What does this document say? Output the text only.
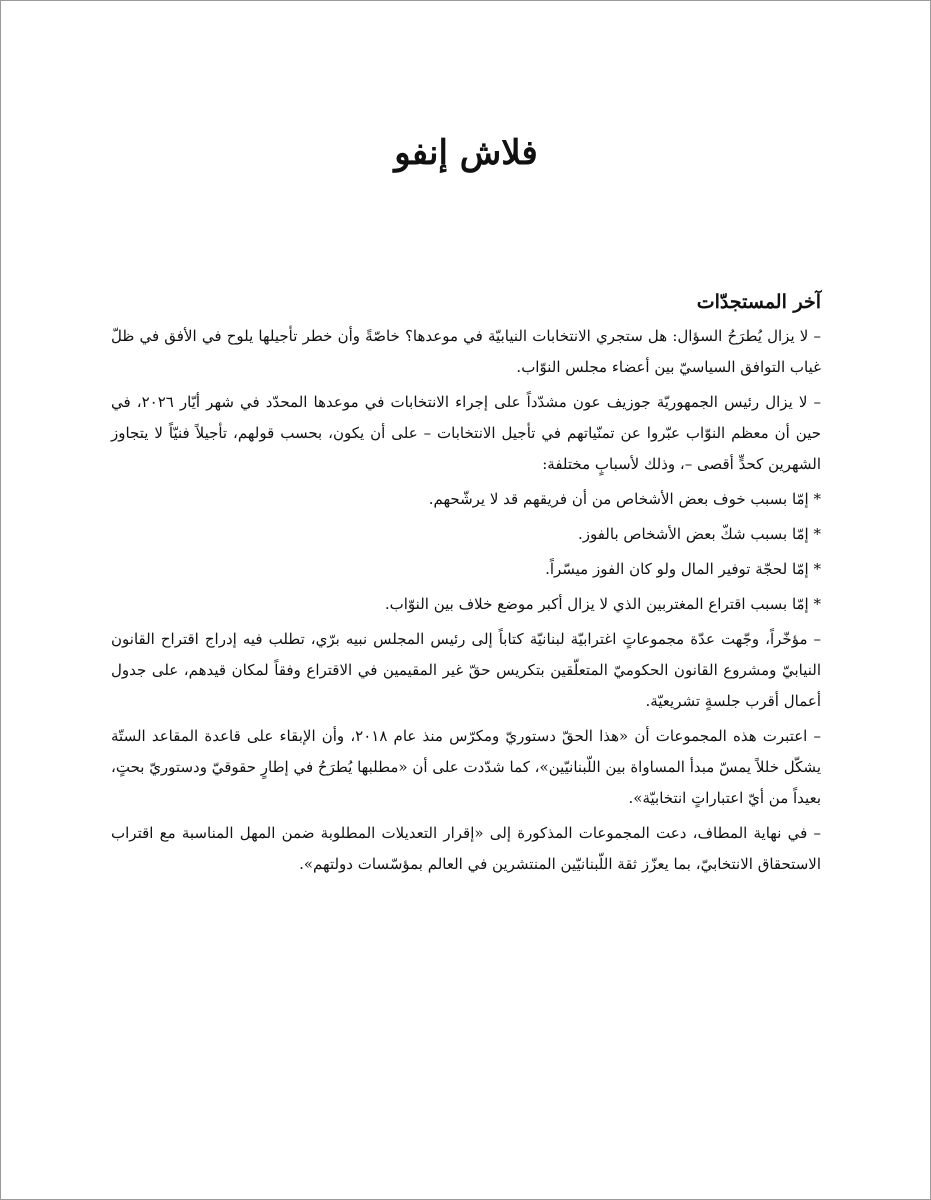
فلاش إنفو
آخر المستجدّات

– لا يزال يُطرَحُ السؤال: هل ستجري الانتخابات النيابيّة في موعدها؟ خاصّةً وأن خطر تأجيلها يلوح في الأفق في ظلّ غياب التوافق السياسيّ بين أعضاء مجلس النوّاب.

– لا يزال رئيس الجمهوريّة جوزيف عون مشدّداً على إجراء الانتخابات في موعدها المحدّد في شهر أيّار ٢٠٢٦، في حين أن معظم النوّاب عبّروا عن تمنّياتهم في تأجيل الانتخابات – على أن يكون، بحسب قولهم، تأجيلاً فنيّاً لا يتجاوز الشهرين كحدٍّ أقصى –، وذلك لأسبابٍ مختلفة:

* إمّا بسبب خوف بعض الأشخاص من أن فريقهم قد لا يرشّحهم.

* إمّا بسبب شكّ بعض الأشخاص بالفوز.

* إمّا لحجّة توفير المال ولو كان الفوز ميسّراً.

* إمّا بسبب اقتراع المغتربين الذي لا يزال أكبر موضع خلاف بين النوّاب.

– مؤخّراً، وجّهت عدّة مجموعاتٍ اغترابيّة لبنانيّة كتاباً إلى رئيس المجلس نبيه برّي، تطلب فيه إدراج اقتراح القانون النيابيّ ومشروع القانون الحكوميّ المتعلّقين بتكريس حقّ غير المقيمين في الاقتراع وفقاً لمكان قيدهم، على جدول أعمال أقرب جلسةٍ تشريعيّة.

– اعتبرت هذه المجموعات أن «هذا الحقّ دستوريّ ومكرّس منذ عام ٢٠١٨، وأن الإبقاء على قاعدة المقاعد الستّة يشكّل خللاً يمسّ مبدأ المساواة بين اللّبنانيّين»، كما شدّدت على أن «مطلبها يُطرَحُ في إطارٍ حقوقيّ ودستوريّ بحتٍ، بعيداً من أيّ اعتباراتٍ انتخابيّة».

– في نهاية المطاف، دعت المجموعات المذكورة إلى «إقرار التعديلات المطلوبة ضمن المهل المناسبة مع اقتراب الاستحقاق الانتخابيّ، بما يعزّز ثقة اللّبنانيّين المنتشرين في العالم بمؤسّسات دولتهم».
